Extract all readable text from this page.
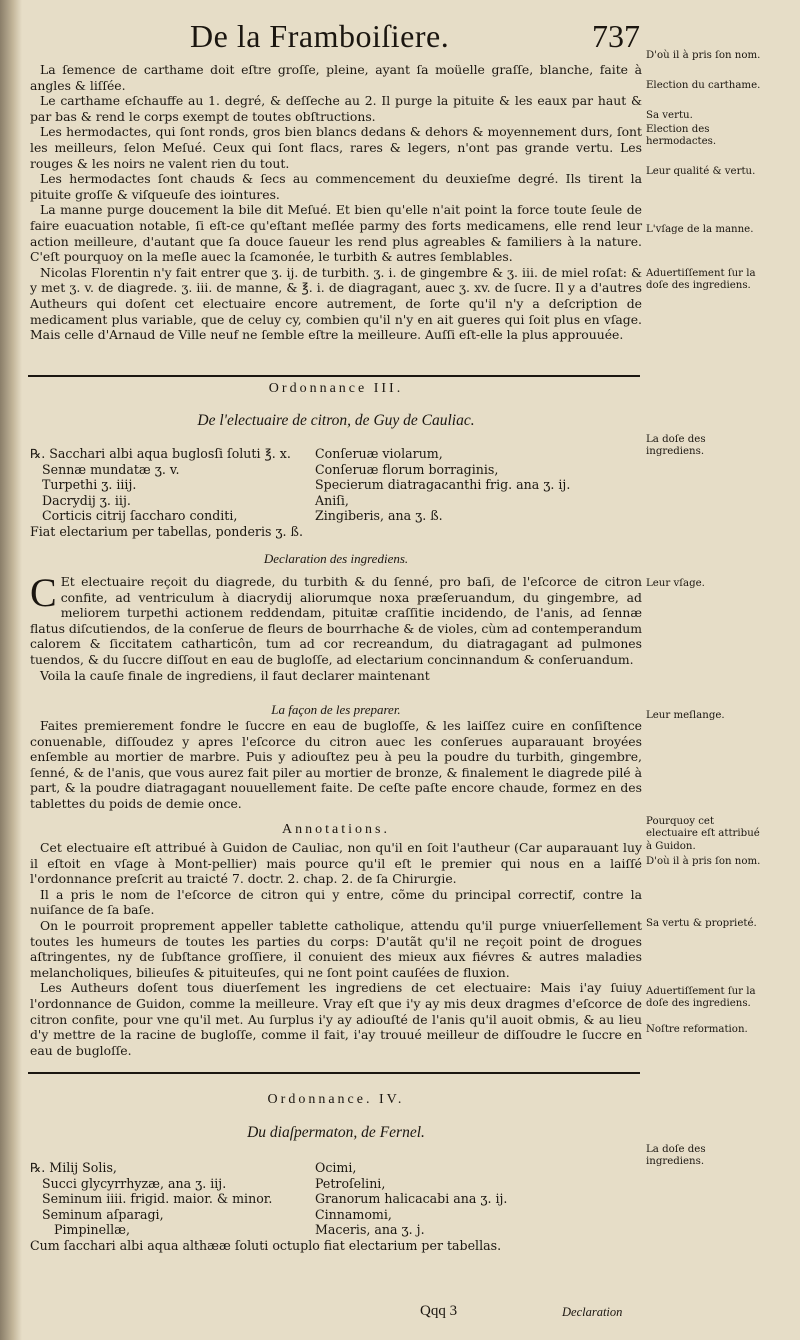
De la Framboiſiere.	737

La ſemence de carthame doit eſtre groſſe, pleine, ayant ſa moüelle graſſe, blanche, faite à angles & liſſée.

Le carthame eſchauffe au 1. degré, & deſſeche au 2. Il purge la pituite & les eaux par haut & par bas & rend le corps exempt de toutes obſtructions.

Les hermodactes, qui ſont ronds, gros bien blancs dedans & dehors & moyennement durs, ſont les meilleurs, ſelon Meſué. Ceux qui ſont flacs, rares & legers, n'ont pas grande vertu. Les rouges & les noirs ne valent rien du tout.

Les hermodactes ſont chauds & ſecs au commencement du deuxieſme degré. Ils tirent la pituite groſſe & viſqueuſe des iointures.

La manne purge doucement la bile dit Meſué. Et bien qu'elle n'ait point la force toute ſeule de faire euacuation notable, ſi eſt-ce qu'eſtant meſlée parmy des forts medicamens, elle rend leur action meilleure, d'autant que ſa douce ſaueur les rend plus agreables & familiers à la nature. C'eſt pourquoy on la meſle auec la ſcamonée, le turbith & autres ſemblables.

Nicolas Florentin n'y fait entrer que ʒ. ij. de turbith. ʒ. i. de gingembre & ʒ. iii. de miel roſat: & y met ʒ. v. de diagrede. ʒ. iii. de manne, & ℥. i. de diagragant, auec ʒ. xv. de ſucre. Il y a d'autres Autheurs qui doſent cet electuaire encore autrement, de ſorte qu'il n'y a deſcription de medicament plus variable, que de celuy cy, combien qu'il n'y en ait gueres qui ſoit plus en vſage. Mais celle d'Arnaud de Ville neuf ne ſemble eſtre la meilleure. Auſſi eſt-elle la plus approuuée.

D'où il à pris ſon nom.
Election du carthame.
Sa vertu.
Election des hermodactes.
Leur qualité & vertu.
L'vſage de la manne.
Aduertiſſement ſur la doſe des ingrediens.
Ordonnance III.
De l'electuaire de citron, de Guy de Cauliac.
℞. Sacchari albi aqua buglosſi ſoluti ℥. x. Conſeruæ violarum,
Sennæ mundatæ ʒ. v.	Conſeruæ florum borraginis,
Turpethi ʒ. iiij.	Specierum diatragacanthi frig. ana ʒ. ij.
Dacrydij ʒ. iij.	Aniſi,
Corticis citrij ſaccharo conditi,	Zingiberis, ana ʒ. ß.
Fiat electarium per tabellas, ponderis ʒ. ß.
Declaration des ingrediens.

C Et electuaire reçoit du diagrede, du turbith & du ſenné, pro baſi, de l'eſcorce de citron confite, ad ventriculum à diacrydij aliorumque noxa præſeruandum, du gingembre, ad meliorem turpethi actionem reddendam, pituitæ craſſitie incidendo, de l'anis, ad ſennæ flatus diſcutiendos, de la conſerue de fleurs de bourrhache & de violes, cùm ad contemperandum calorem & ſiccitatem catharticôn, tum ad cor recreandum, du diatragagant ad pulmones tuendos, & du ſuccre diſſout en eau de bugloſſe, ad electarium concinnandum & conſeruandum.

Voila la cauſe finale de ingrediens, il faut declarer maintenant

La façon de les preparer.

Faites premierement fondre le ſuccre en eau de bugloſſe, & les laiſſez cuire en conſiſtence conuenable, diſſoudez y apres l'eſcorce du citron auec les conſerues auparauant broyées enſemble au mortier de marbre. Puis y adiouſtez peu à peu la poudre du turbith, gingembre, ſenné, & de l'anis, que vous aurez fait piler au mortier de bronze, & finalement le diagrede pilé à part, & la poudre diatragagant nouuellement faite. De ceſte paſte encore chaude, formez en des tablettes du poids de demie once.

Annotations.

Cet electuaire eſt attribué à Guidon de Cauliac, non qu'il en ſoit l'autheur (Car auparauant luy il eſtoit en vſage à Mont-pellier) mais pource qu'il eſt le premier qui nous en a laiſſé l'ordonnance preſcrit au traicté 7. doctr. 2. chap. 2. de ſa Chirurgie.

Il a pris le nom de l'eſcorce de citron qui y entre, cõme du principal correctif, contre la nuiſance de ſa baſe.

On le pourroit proprement appeller tablette catholique, attendu qu'il purge vniuerſellement toutes les humeurs de toutes les parties du corps: D'autãt qu'il ne reçoit point de drogues aſtringentes, ny de ſubſtance groſſiere, il conuient des mieux aux fiévres & autres maladies melancholiques, bilieuſes & pituiteuſes, qui ne ſont point cauſées de fluxion.

Les Autheurs doſent tous diuerſement les ingrediens de cet electuaire: Mais i'ay ſuiuy l'ordonnance de Guidon, comme la meilleure. Vray eſt que i'y ay mis deux dragmes d'eſcorce de citron confite, pour vne qu'il met. Au ſurplus i'y ay adiouſté de l'anis qu'il auoit obmis, & au lieu d'y mettre de la racine de bugloſſe, comme il fait, i'ay trouué meilleur de diſſoudre le ſuccre en eau de bugloſſe.

La doſe des ingrediens.
Leur vſage.
Leur meſlange.
Pourquoy cet electuaire eſt attribué à Guidon.
D'où il à pris ſon nom.
Sa vertu & proprieté.
Aduertiſſement ſur la doſe des ingrediens.
Noſtre reformation.
Ordonnance. IV.
Du diaſpermaton, de Fernel.
℞. Milij Solis,	Ocimi,
Succi glycyrrhyzæ, ana ʒ. iij.	Petroſelini,
Seminum iiii. frigid. maior. & minor.	Granorum halicacabi ana ʒ. ij.
Seminum aſparagi,	Cinnamomi,
Pimpinellæ,	Maceris, ana ʒ. j.
Cum ſacchari albi aqua althææ ſoluti octuplo fiat electarium per tabellas.
La doſe des ingrediens.
Qqq 3	Declaration
